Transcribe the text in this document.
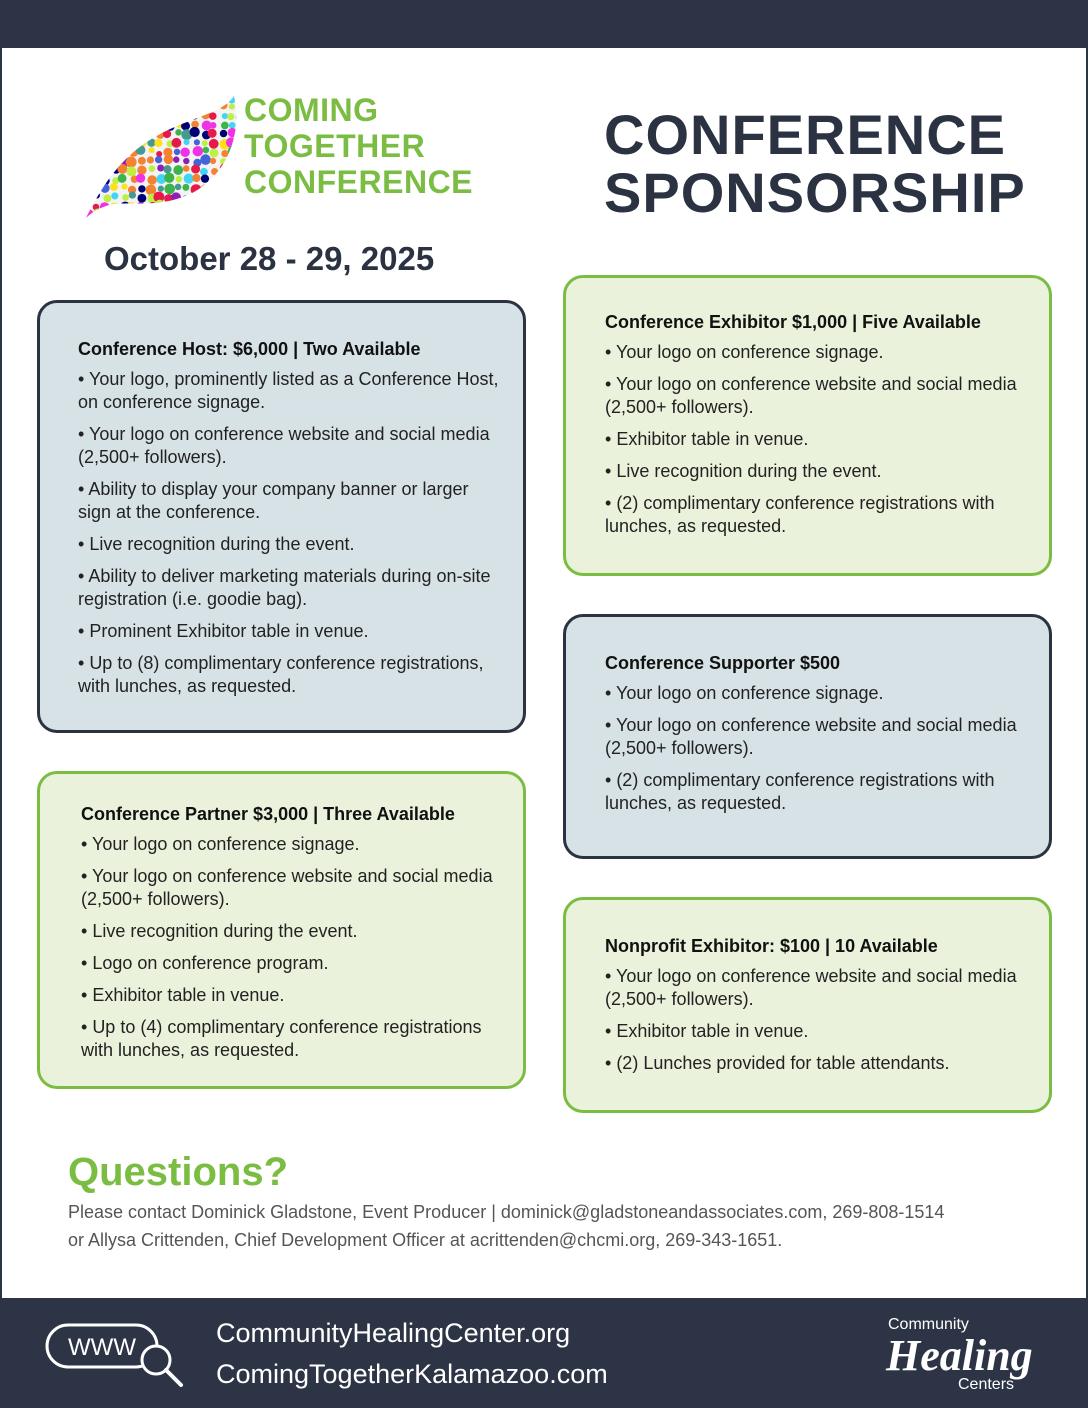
COMING
TOGETHER
CONFERENCE
October 28 - 29, 2025
CONFERENCE
SPONSORSHIP
Conference Host: $6,000 | Two Available
• Your logo, prominently listed as a Conference Host, on conference signage.
• Your logo on conference website and social media (2,500+ followers).
• Ability to display your company banner or larger sign at the conference.
• Live recognition during the event.
• Ability to deliver marketing materials during on-site registration (i.e. goodie bag).
• Prominent Exhibitor table in venue.
• Up to (8) complimentary conference registrations, with lunches, as requested.
Conference Partner $3,000 | Three Available
• Your logo on conference signage.
• Your logo on conference website and social media (2,500+ followers).
• Live recognition during the event.
• Logo on conference program.
• Exhibitor table in venue.
• Up to (4) complimentary conference registrations with lunches, as requested.
Conference Exhibitor $1,000 | Five Available
• Your logo on conference signage.
• Your logo on conference website and social media (2,500+ followers).
• Exhibitor table in venue.
• Live recognition during the event.
• (2) complimentary conference registrations with lunches, as requested.
Conference Supporter $500
• Your logo on conference signage.
• Your logo on conference website and social media (2,500+ followers).
• (2) complimentary conference registrations with lunches, as requested.
Nonprofit Exhibitor: $100 | 10 Available
• Your logo on conference website and social media (2,500+ followers).
• Exhibitor table in venue.
• (2) Lunches provided for table attendants.
Questions?
Please contact Dominick Gladstone, Event Producer | dominick@gladstoneandassociates.com, 269-808-1514
or Allysa Crittenden, Chief Development Officer at acrittenden@chcmi.org, 269-343-1651.
WWW	CommunityHealingCenter.org
ComingTogetherKalamazoo.com
Community
Healing
Centers
